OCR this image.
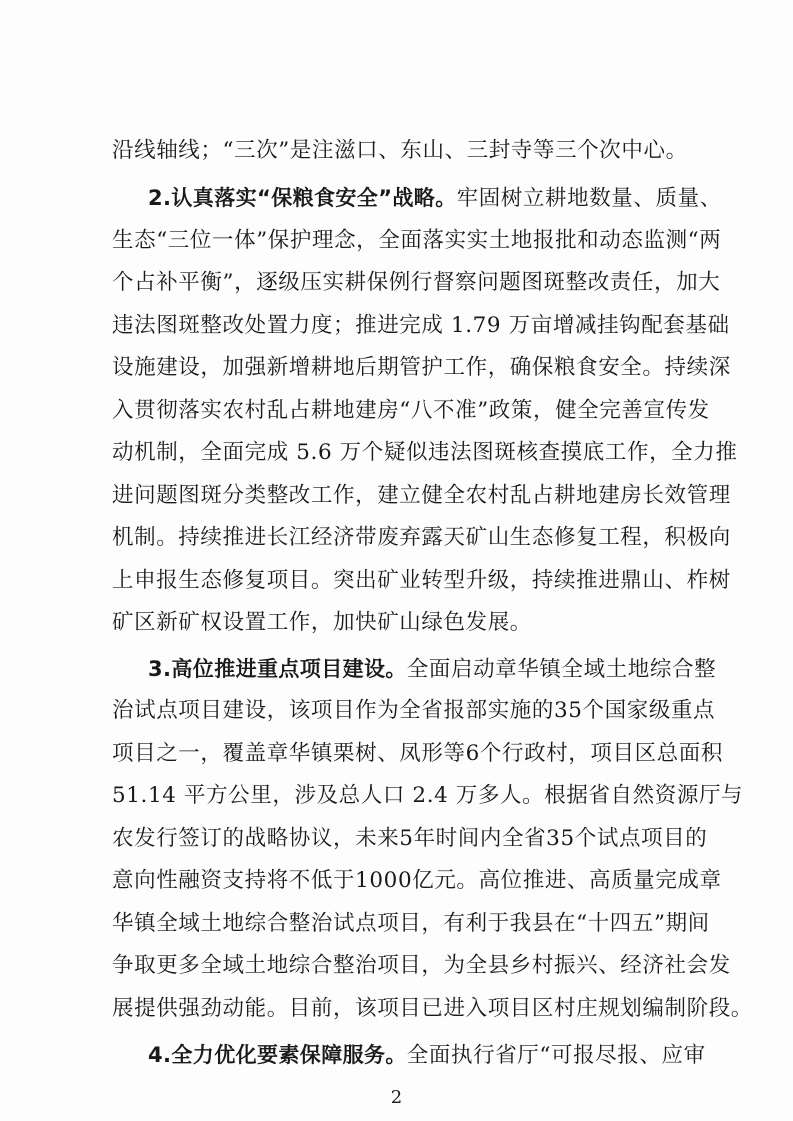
沿线轴线；“三次”是注滋口、东山、三封寺等三个次中心。
2.认真落实“保粮食安全”战略。牢固树立耕地数量、质量、
生态“三位一体”保护理念，全面落实实土地报批和动态监测“两
个占补平衡”，逐级压实耕保例行督察问题图斑整改责任，加大
违法图斑整改处置力度；推进完成 1.79 万亩增减挂钩配套基础
设施建设，加强新增耕地后期管护工作，确保粮食安全。持续深
入贯彻落实农村乱占耕地建房“八不准”政策，健全完善宣传发
动机制，全面完成 5.6 万个疑似违法图斑核查摸底工作，全力推
进问题图斑分类整改工作，建立健全农村乱占耕地建房长效管理
机制。持续推进长江经济带废弃露天矿山生态修复工程，积极向
上申报生态修复项目。突出矿业转型升级，持续推进鼎山、柞树
矿区新矿权设置工作，加快矿山绿色发展。
3.高位推进重点项目建设。全面启动章华镇全域土地综合整
治试点项目建设，该项目作为全省报部实施的35个国家级重点
项目之一，覆盖章华镇栗树、凤形等6个行政村，项目区总面积
51.14 平方公里，涉及总人口 2.4 万多人。根据省自然资源厅与
农发行签订的战略协议，未来5年时间内全省35个试点项目的
意向性融资支持将不低于1000亿元。高位推进、高质量完成章
华镇全域土地综合整治试点项目，有利于我县在“十四五”期间
争取更多全域土地综合整治项目，为全县乡村振兴、经济社会发
展提供强劲动能。目前，该项目已进入项目区村庄规划编制阶段。
4.全力优化要素保障服务。全面执行省厅“可报尽报、应审
2
